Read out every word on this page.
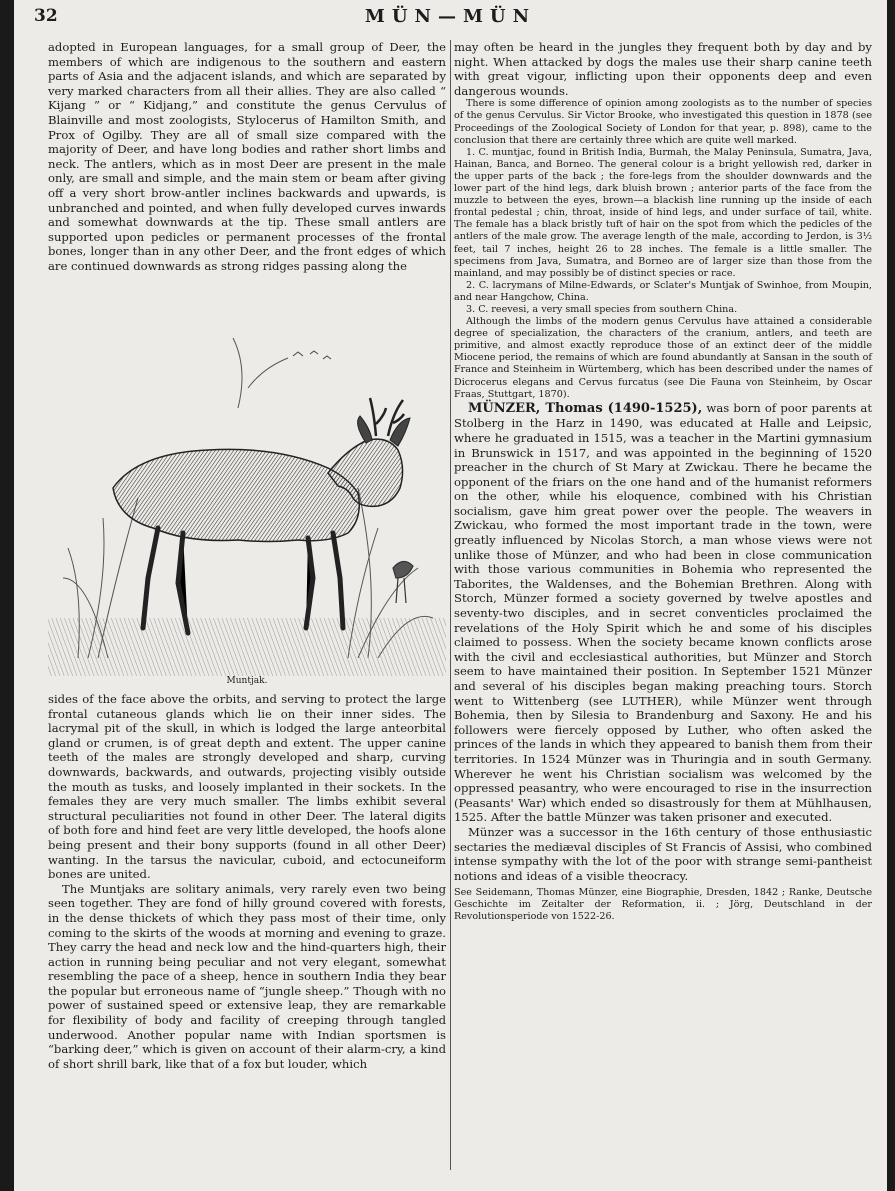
32	MÜN—MÜN

adopted in European languages, for a small group of Deer, the members of which are indigenous to the southern and eastern parts of Asia and the adjacent islands, and which are separated by very marked characters from all their allies. They are also called “ Kijang ” or “ Kidjang,” and constitute the genus Cervulus of Blainville and most zoologists, Stylocerus of Hamilton Smith, and Prox of Ogilby. They are all of small size compared with the majority of Deer, and have long bodies and rather short limbs and neck. The antlers, which as in most Deer are present in the male only, are small and simple, and the main stem or beam after giving off a very short brow-antler inclines backwards and upwards, is unbranched and pointed, and when fully developed curves inwards and somewhat downwards at the tip. These small antlers are supported upon pedicles or permanent processes of the frontal bones, longer than in any other Deer, and the front edges of which are continued downwards as strong ridges passing along the

Muntjak.

sides of the face above the orbits, and serving to protect the large frontal cutaneous glands which lie on their inner sides. The lacrymal pit of the skull, in which is lodged the large anteorbital gland or crumen, is of great depth and extent. The upper canine teeth of the males are strongly developed and sharp, curving downwards, backwards, and outwards, projecting visibly outside the mouth as tusks, and loosely implanted in their sockets. In the females they are very much smaller. The limbs exhibit several structural peculiarities not found in other Deer. The lateral digits of both fore and hind feet are very little developed, the hoofs alone being present and their bony supports (found in all other Deer) wanting. In the tarsus the navicular, cuboid, and ectocuneiform bones are united.

The Muntjaks are solitary animals, very rarely even two being seen together. They are fond of hilly ground covered with forests, in the dense thickets of which they pass most of their time, only coming to the skirts of the woods at morning and evening to graze. They carry the head and neck low and the hind-quarters high, their action in running being peculiar and not very elegant, somewhat resembling the pace of a sheep, hence in southern India they bear the popular but erroneous name of “jungle sheep.” Though with no power of sustained speed or extensive leap, they are remarkable for flexibility of body and facility of creeping through tangled underwood. Another popular name with Indian sportsmen is “barking deer,” which is given on account of their alarm-cry, a kind of short shrill bark, like that of a fox but louder, which

may often be heard in the jungles they frequent both by day and by night. When attacked by dogs the males use their sharp canine teeth with great vigour, inflicting upon their opponents deep and even dangerous wounds.

There is some difference of opinion among zoologists as to the number of species of the genus Cervulus. Sir Victor Brooke, who investigated this question in 1878 (see Proceedings of the Zoological Society of London for that year, p. 898), came to the conclusion that there are certainly three which are quite well marked.

1. C. muntjac, found in British India, Burmah, the Malay Peninsula, Sumatra, Java, Hainan, Banca, and Borneo. The general colour is a bright yellowish red, darker in the upper parts of the back ; the fore-legs from the shoulder downwards and the lower part of the hind legs, dark bluish brown ; anterior parts of the face from the muzzle to between the eyes, brown—a blackish line running up the inside of each frontal pedestal ; chin, throat, inside of hind legs, and under surface of tail, white. The female has a black bristly tuft of hair on the spot from which the pedicles of the antlers of the male grow. The average length of the male, according to Jerdon, is 3½ feet, tail 7 inches, height 26 to 28 inches. The female is a little smaller. The specimens from Java, Sumatra, and Borneo are of larger size than those from the mainland, and may possibly be of distinct species or race.

2. C. lacrymans of Milne-Edwards, or Sclater's Muntjak of Swinhoe, from Moupin, and near Hangchow, China.

3. C. reevesi, a very small species from southern China.

Although the limbs of the modern genus Cervulus have attained a considerable degree of specialization, the characters of the cranium, antlers, and teeth are primitive, and almost exactly reproduce those of an extinct deer of the middle Miocene period, the remains of which are found abundantly at Sansan in the south of France and Steinheim in Würtemberg, which has been described under the names of Dicrocerus elegans and Cervus furcatus (see Die Fauna von Steinheim, by Oscar Fraas, Stuttgart, 1870).

MÜNZER, Thomas (1490-1525), was born of poor parents at Stolberg in the Harz in 1490, was educated at Halle and Leipsic, where he graduated in 1515, was a teacher in the Martini gymnasium in Brunswick in 1517, and was appointed in the beginning of 1520 preacher in the church of St Mary at Zwickau. There he became the opponent of the friars on the one hand and of the humanist reformers on the other, while his eloquence, combined with his Christian socialism, gave him great power over the people. The weavers in Zwickau, who formed the most important trade in the town, were greatly influenced by Nicolas Storch, a man whose views were not unlike those of Münzer, and who had been in close communication with those various communities in Bohemia who represented the Taborites, the Waldenses, and the Bohemian Brethren. Along with Storch, Münzer formed a society governed by twelve apostles and seventy-two disciples, and in secret conventicles proclaimed the revelations of the Holy Spirit which he and some of his disciples claimed to possess. When the society became known conflicts arose with the civil and ecclesiastical authorities, but Münzer and Storch seem to have maintained their position. In September 1521 Münzer and several of his disciples began making preaching tours. Storch went to Wittenberg (see LUTHER), while Münzer went through Bohemia, then by Silesia to Brandenburg and Saxony. He and his followers were fiercely opposed by Luther, who often asked the princes of the lands in which they appeared to banish them from their territories. In 1524 Münzer was in Thuringia and in south Germany. Wherever he went his Christian socialism was welcomed by the oppressed peasantry, who were encouraged to rise in the insurrection (Peasants' War) which ended so disastrously for them at Mühlhausen, 1525. After the battle Münzer was taken prisoner and executed.

Münzer was a successor in the 16th century of those enthusiastic sectaries the mediæval disciples of St Francis of Assisi, who combined intense sympathy with the lot of the poor with strange semi-pantheist notions and ideas of a visible theocracy.

See Seidemann, Thomas Münzer, eine Biographie, Dresden, 1842 ; Ranke, Deutsche Geschichte im Zeitalter der Reformation, ii. ; Jörg, Deutschland in der Revolutionsperiode von 1522-26.
